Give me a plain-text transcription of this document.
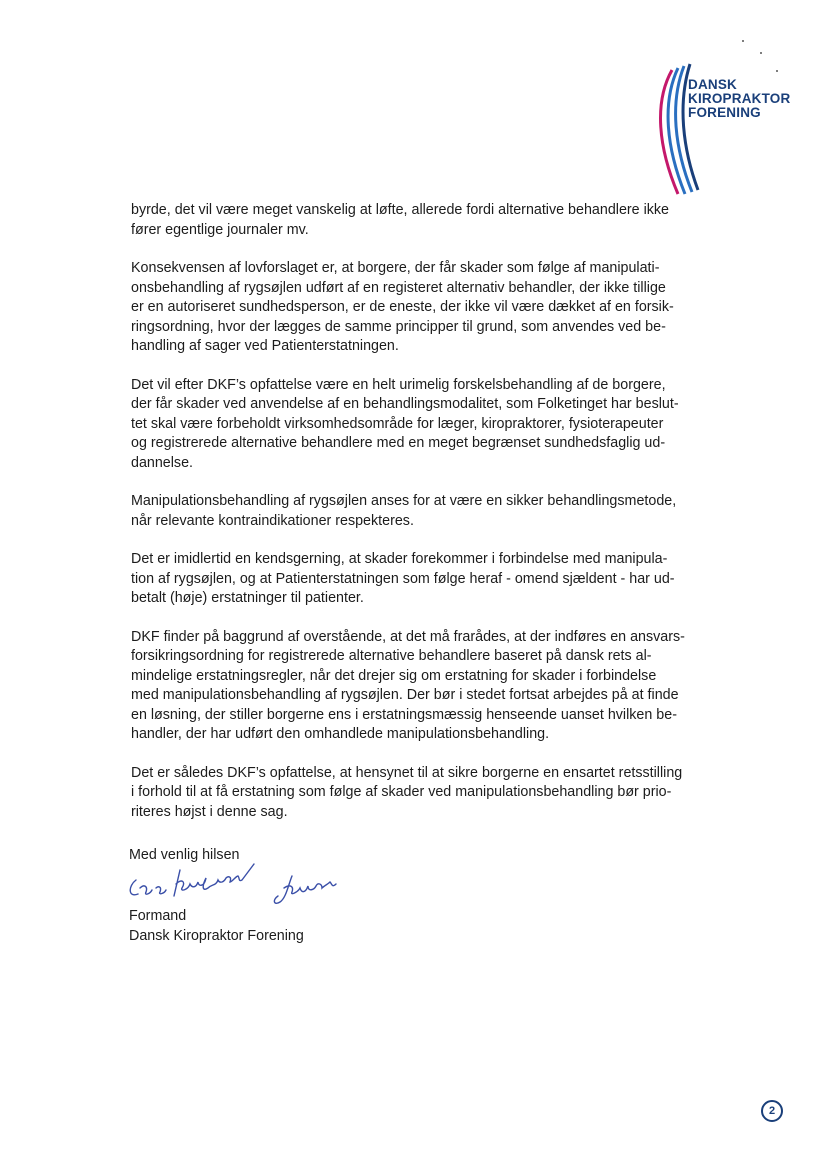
DANSK
KIROPRAKTOR
FORENING

byrde, det vil være meget vanskelig at løfte, allerede fordi alternative behandlere ikke
fører egentlige journaler mv.

Konsekvensen af lovforslaget er, at borgere, der får skader som følge af manipulati-
onsbehandling af rygsøjlen udført af en registeret alternativ behandler, der ikke tillige
er en autoriseret sundhedsperson, er de eneste, der ikke vil være dækket af en forsik-
ringsordning, hvor der lægges de samme principper til grund, som anvendes ved be-
handling af sager ved Patienterstatningen.

Det vil efter DKF’s opfattelse være en helt urimelig forskelsbehandling af de borgere,
der får skader ved anvendelse af en behandlingsmodalitet, som Folketinget har beslut-
tet skal være forbeholdt virksomhedsområde for læger, kiropraktorer, fysioterapeuter
og registrerede alternative behandlere med en meget begrænset sundhedsfaglig ud-
dannelse.

Manipulationsbehandling af rygsøjlen anses for at være en sikker behandlingsmetode,
når relevante kontraindikationer respekteres.

Det er imidlertid en kendsgerning, at skader forekommer i forbindelse med manipula-
tion af rygsøjlen, og at Patienterstatningen som følge heraf - omend sjældent - har ud-
betalt (høje) erstatninger til patienter.

DKF finder på baggrund af overstående, at det må frarådes, at der indføres en ansvars-
forsikringsordning for registrerede alternative behandlere baseret på dansk rets al-
mindelige erstatningsregler, når det drejer sig om erstatning for skader i forbindelse
med manipulationsbehandling af rygsøjlen. Der bør i stedet fortsat arbejdes på at finde
en løsning, der stiller borgerne ens i erstatningsmæssig henseende uanset hvilken be-
handler, der har udført den omhandlede manipulationsbehandling.

Det er således DKF’s opfattelse, at hensynet til at sikre borgerne en ensartet retsstilling
i forhold til at få erstatning som følge af skader ved manipulationsbehandling bør prio-
riteres højst i denne sag.

Med venlig hilsen
Formand
Dansk Kiropraktor Forening
2
